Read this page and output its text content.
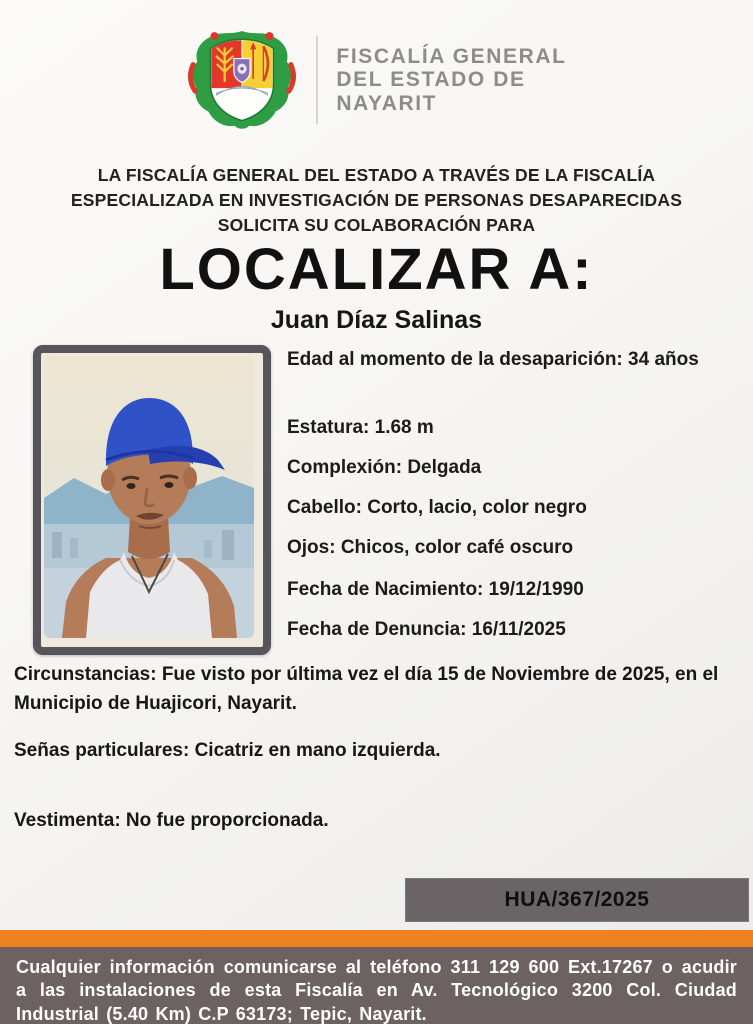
FISCALÍA GENERAL
DEL ESTADO DE
NAYARIT
LA FISCALÍA GENERAL DEL ESTADO A TRAVÉS DE LA FISCALÍA
ESPECIALIZADA EN INVESTIGACIÓN DE PERSONAS DESAPARECIDAS
SOLICITA SU COLABORACIÓN PARA
LOCALIZAR A:
Juan Díaz Salinas
Edad al momento de la desaparición: 34 años
Estatura: 1.68 m
Complexión: Delgada
Cabello: Corto, lacio, color negro
Ojos: Chicos, color café oscuro
Fecha de Nacimiento: 19/12/1990
Fecha de Denuncia: 16/11/2025
Circunstancias: Fue visto por última vez el día 15 de Noviembre de 2025, en el Municipio de Huajicori, Nayarit.
Señas particulares: Cicatriz en mano izquierda.
Vestimenta: No fue proporcionada.
HUA/367/2025
Cualquier información comunicarse al teléfono 311 129 600 Ext.17267 o acudir a las instalaciones de esta Fiscalía en Av. Tecnológico 3200 Col. Ciudad Industrial (5.40 Km) C.P 63173; Tepic, Nayarit.
